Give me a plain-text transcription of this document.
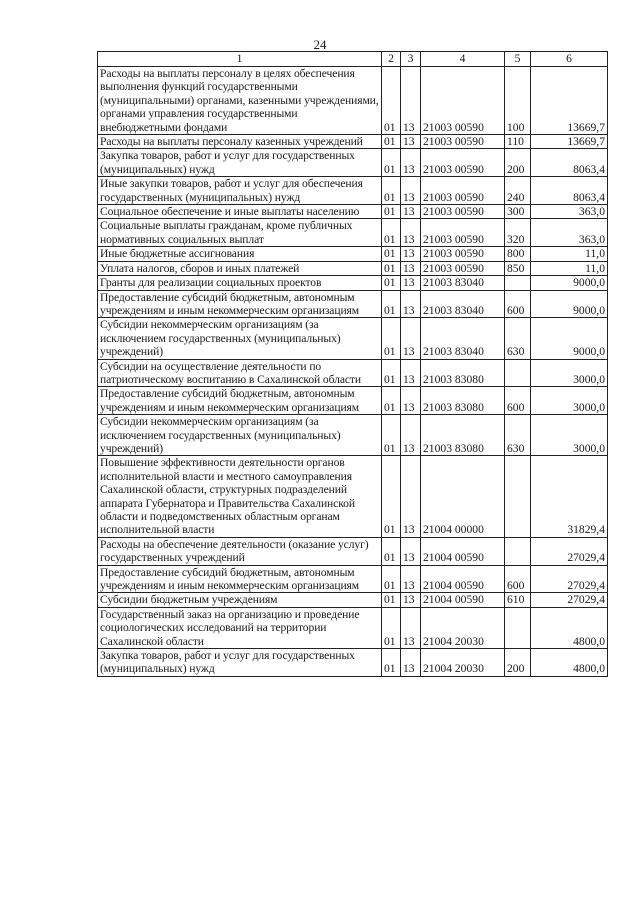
24
1	2	3	4	5	6
Расходы на выплаты персоналу в целях обеспечения выполнения функций государственными (муниципальными) органами, казенными учреждениями, органами управления государственными внебюджетными фондами	01	13	21003 00590	100	13669,7
Расходы на выплаты персоналу казенных учреждений	01	13	21003 00590	110	13669,7
Закупка товаров, работ и услуг для государственных (муниципальных) нужд	01	13	21003 00590	200	8063,4
Иные закупки товаров, работ и услуг для обеспечения государственных (муниципальных) нужд	01	13	21003 00590	240	8063,4
Социальное обеспечение и иные выплаты населению	01	13	21003 00590	300	363,0
Социальные выплаты гражданам, кроме публичных нормативных социальных выплат	01	13	21003 00590	320	363,0
Иные бюджетные ассигнования	01	13	21003 00590	800	11,0
Уплата налогов, сборов и иных платежей	01	13	21003 00590	850	11,0
Гранты для реализации социальных проектов	01	13	21003 83040		9000,0
Предоставление субсидий бюджетным, автономным учреждениям и иным некоммерческим организациям	01	13	21003 83040	600	9000,0
Субсидии некоммерческим организациям (за исключением государственных (муниципальных) учреждений)	01	13	21003 83040	630	9000,0
Субсидии на осуществление деятельности по патриотическому воспитанию в Сахалинской области	01	13	21003 83080		3000,0
Предоставление субсидий бюджетным, автономным учреждениям и иным некоммерческим организациям	01	13	21003 83080	600	3000,0
Субсидии некоммерческим организациям (за исключением государственных (муниципальных) учреждений)	01	13	21003 83080	630	3000,0
Повышение эффективности деятельности органов исполнительной власти и местного самоуправления Сахалинской области, структурных подразделений аппарата Губернатора и Правительства Сахалинской области и подведомственных областным органам исполнительной власти	01	13	21004 00000		31829,4
Расходы на обеспечение деятельности (оказание услуг) государственных учреждений	01	13	21004 00590		27029,4
Предоставление субсидий бюджетным, автономным учреждениям и иным некоммерческим организациям	01	13	21004 00590	600	27029,4
Субсидии бюджетным учреждениям	01	13	21004 00590	610	27029,4
Государственный заказ на организацию и проведение социологических исследований на территории Сахалинской области	01	13	21004 20030		4800,0
Закупка товаров, работ и услуг для государственных (муниципальных) нужд	01	13	21004 20030	200	4800,0
